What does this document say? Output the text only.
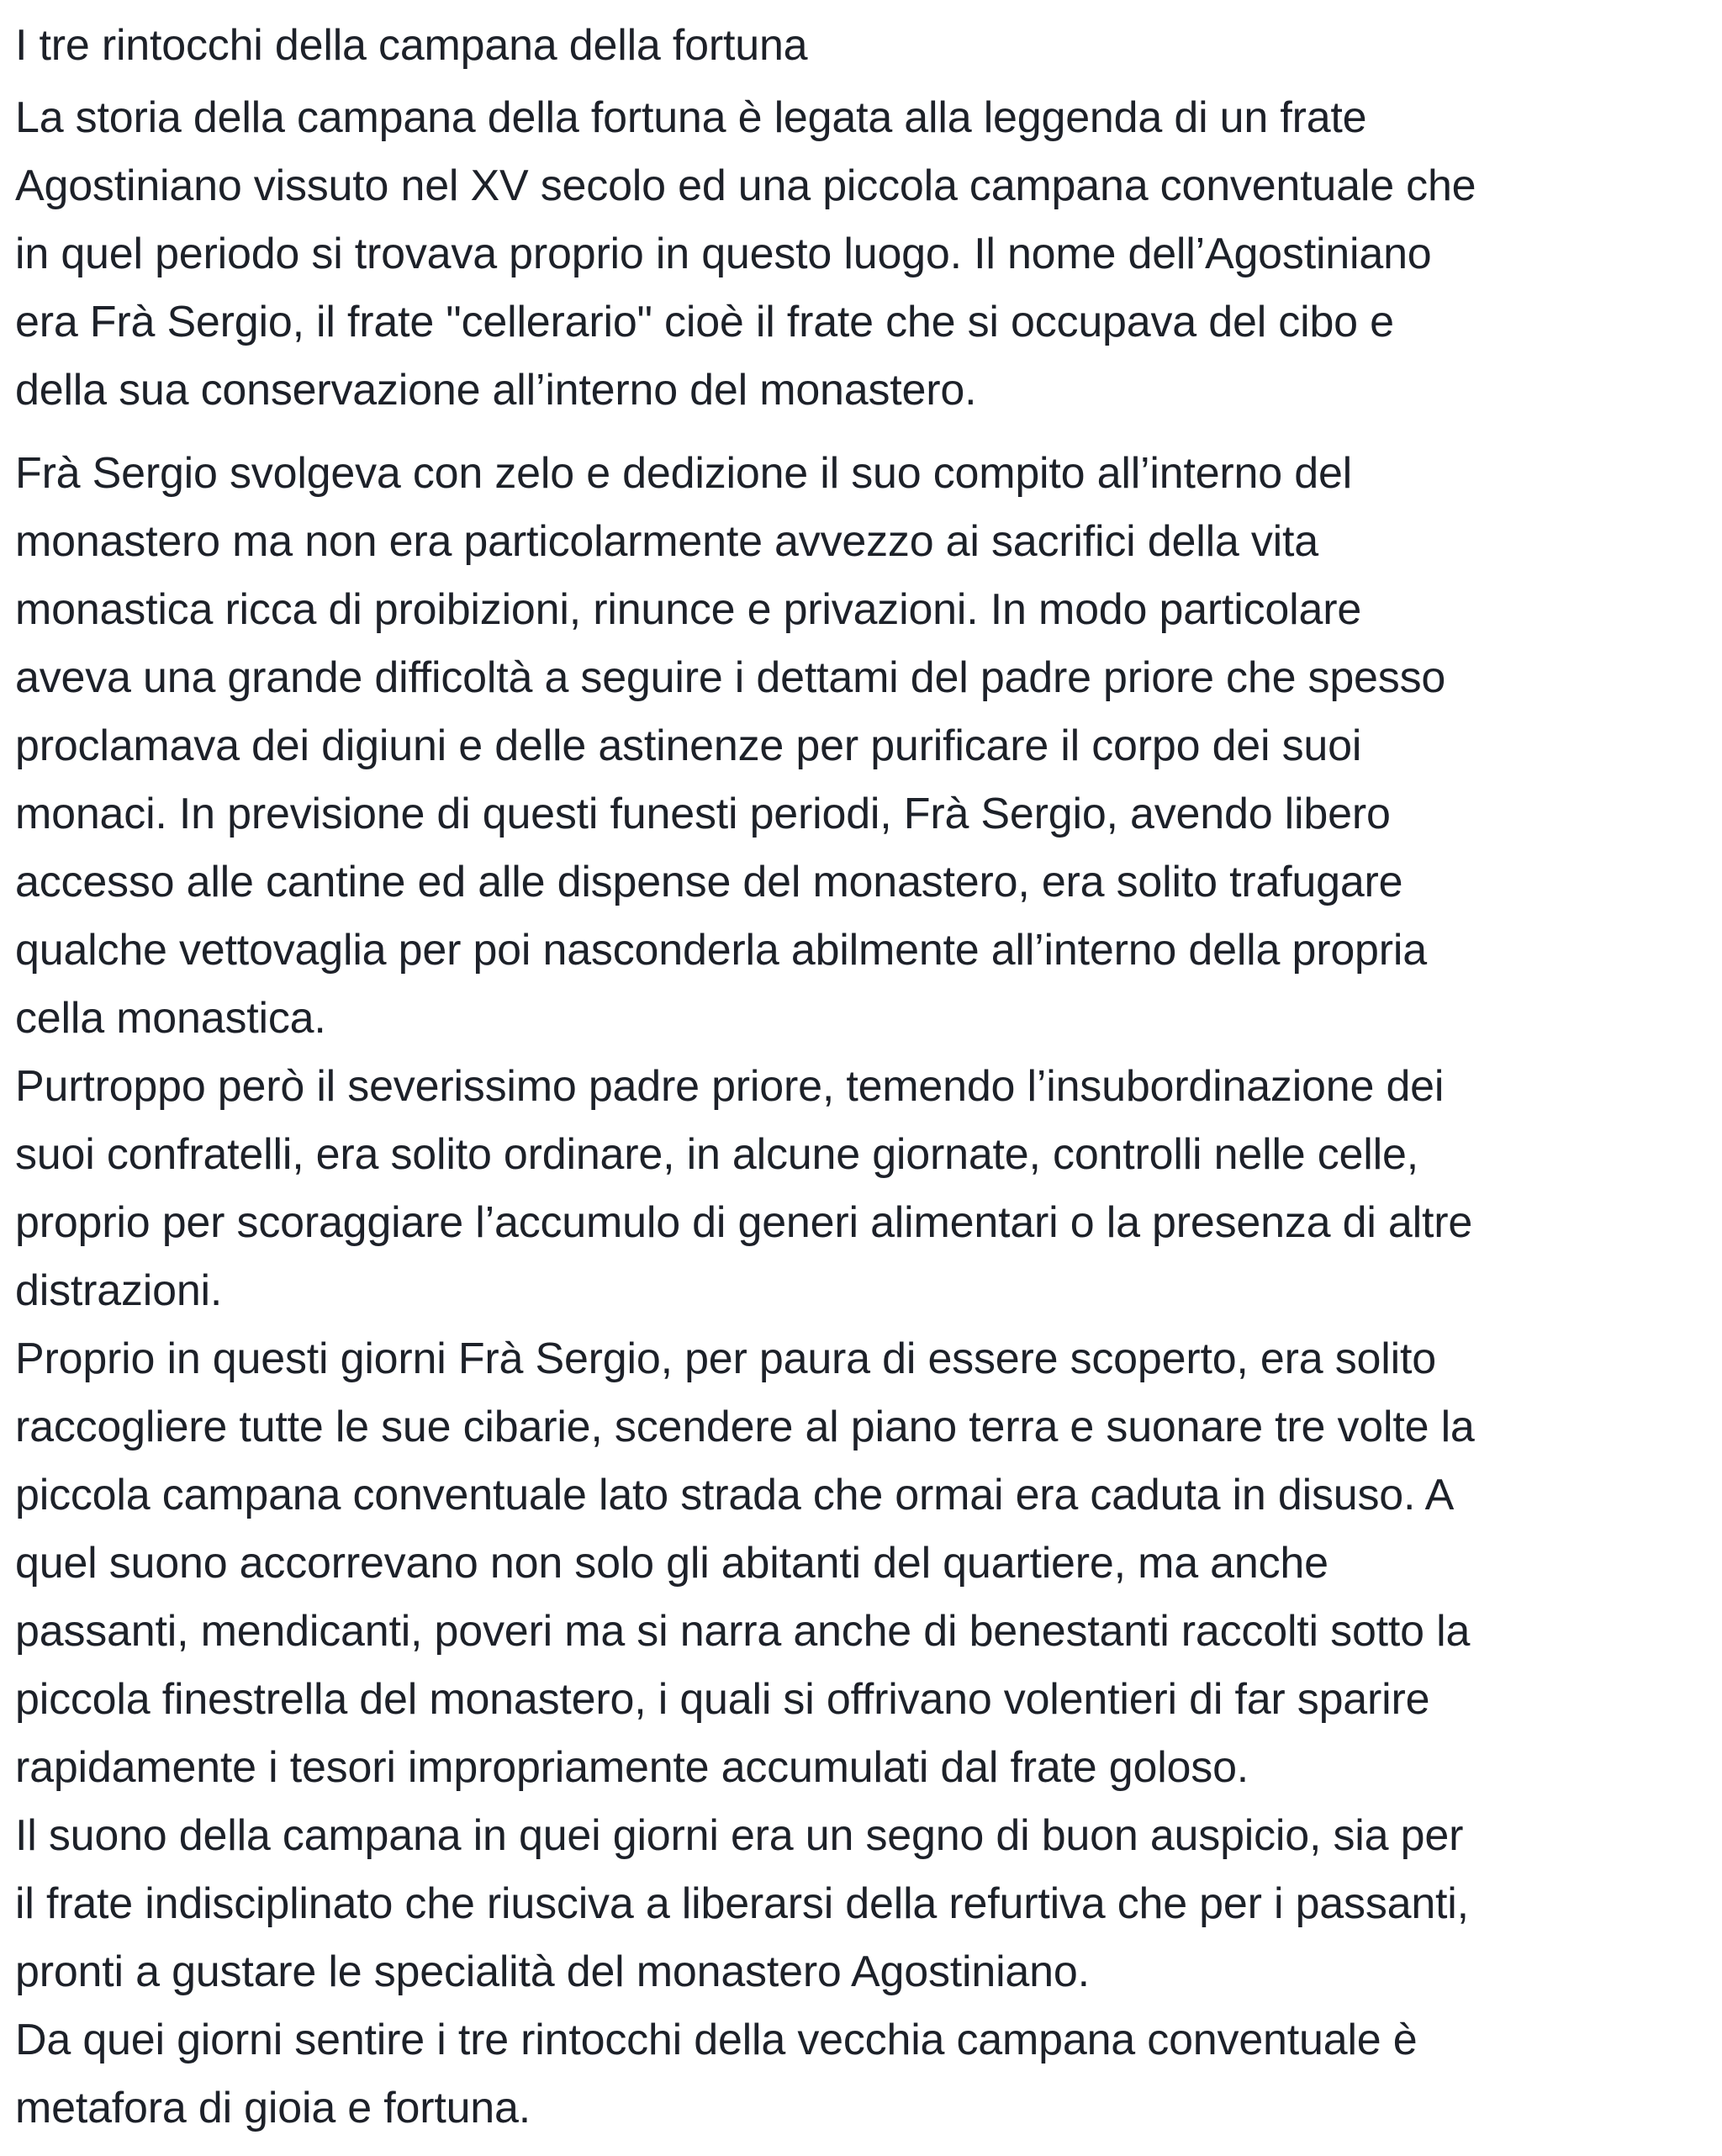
I tre rintocchi della campana della fortuna
La storia della campana della fortuna è legata alla leggenda di un frate
Agostiniano vissuto nel XV secolo ed una piccola campana conventuale che
in quel periodo si trovava proprio in questo luogo. Il nome dell’Agostiniano
era Frà Sergio, il frate "cellerario" cioè il frate che si occupava del cibo e
della sua conservazione all’interno del monastero.
Frà Sergio svolgeva con zelo e dedizione il suo compito all’interno del
monastero ma non era particolarmente avvezzo ai sacrifici della vita
monastica ricca di proibizioni, rinunce e privazioni. In modo particolare
aveva una grande difficoltà a seguire i dettami del padre priore che spesso
proclamava dei digiuni e delle astinenze per purificare il corpo dei suoi
monaci. In previsione di questi funesti periodi, Frà Sergio, avendo libero
accesso alle cantine ed alle dispense del monastero, era solito trafugare
qualche vettovaglia per poi nasconderla abilmente all’interno della propria
cella monastica.
Purtroppo però il severissimo padre priore, temendo l’insubordinazione dei
suoi confratelli, era solito ordinare, in alcune giornate, controlli nelle celle,
proprio per scoraggiare l’accumulo di generi alimentari o la presenza di altre
distrazioni.
Proprio in questi giorni Frà Sergio, per paura di essere scoperto, era solito
raccogliere tutte le sue cibarie, scendere al piano terra e suonare tre volte la
piccola campana conventuale lato strada che ormai era caduta in disuso. A
quel suono accorrevano non solo gli abitanti del quartiere, ma anche
passanti, mendicanti, poveri ma si narra anche di benestanti raccolti sotto la
piccola finestrella del monastero, i quali si offrivano volentieri di far sparire
rapidamente i tesori impropriamente accumulati dal frate goloso.
Il suono della campana in quei giorni era un segno di buon auspicio, sia per
il frate indisciplinato che riusciva a liberarsi della refurtiva che per i passanti,
pronti a gustare le specialità del monastero Agostiniano.
Da quei giorni sentire i tre rintocchi della vecchia campana conventuale è
metafora di gioia e fortuna.
